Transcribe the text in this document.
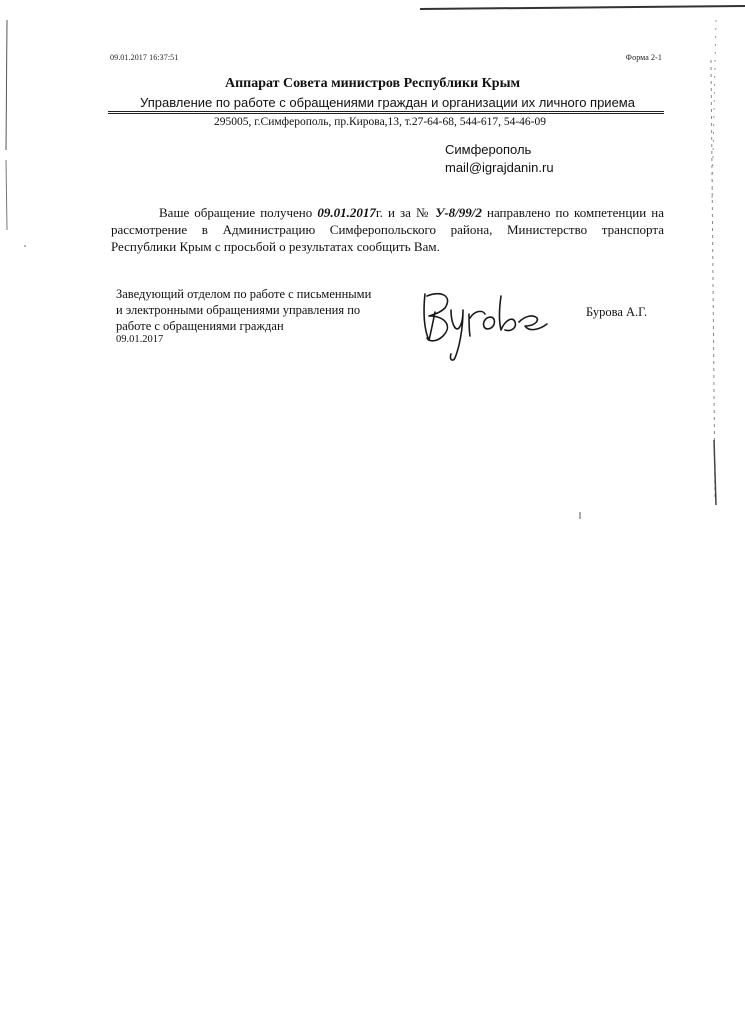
09.01.2017 16:37:51	Форма 2-1
Аппарат Совета министров Республики Крым
Управление по работе с обращениями граждан и организации их личного приема
295005, г.Симферополь, пр.Кирова,13, т.27-64-68, 544-617, 54-46-09
Симферополь
mail@igrajdanin.ru
Ваше обращение получено 09.01.2017г. и за № У-8/99/2 направлено по компетенции на рассмотрение в Администрацию Симферопольского района, Министерство транспорта Республики Крым с просьбой о результатах сообщить Вам.
Заведующий отделом по работе с письменными
и электронными обращениями управления по
работе с обращениями граждан
09.01.2017
Бурова А.Г.
